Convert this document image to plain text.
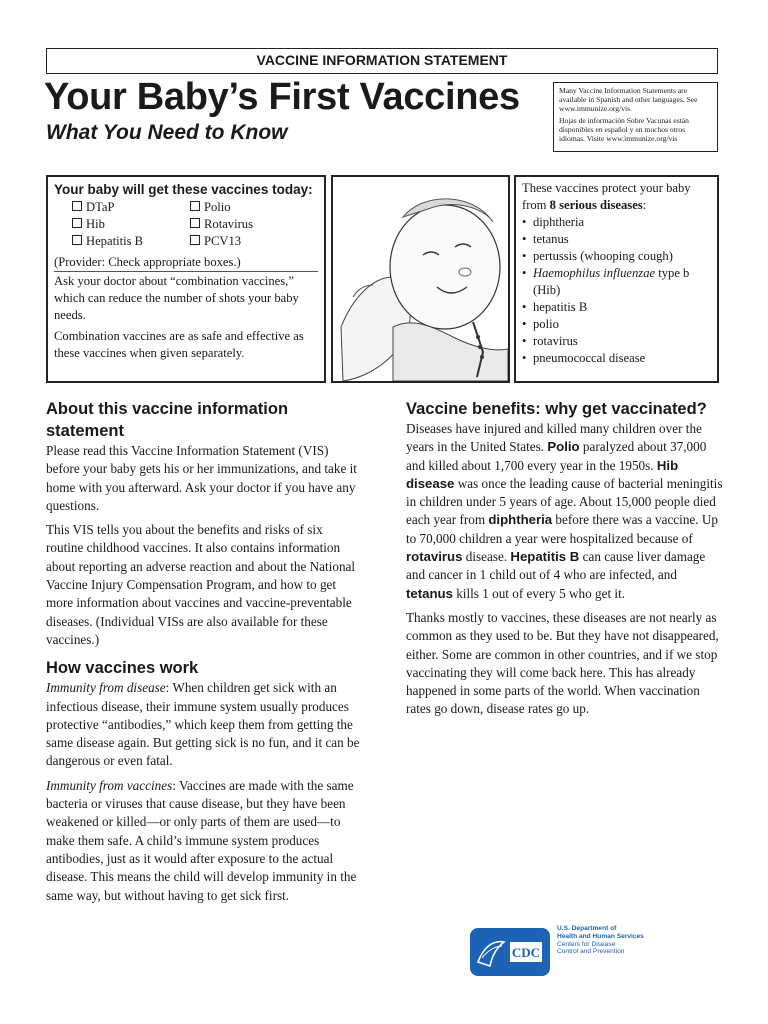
VACCINE INFORMATION STATEMENT
Your Baby’s First Vaccines
What You Need to Know

Many Vaccine Information Statements are available in Spanish and other languages. See www.immunize.org/vis

Hojas de información Sobre Vacunas están disponibles en español y en muchos otros idiomas. Visite www.immunize.org/vis

Your baby will get these vaccines today:
DTaP	Polio
Hib	Rotavirus
Hepatitis B	PCV13

(Provider: Check appropriate boxes.)

Ask your doctor about “combination vaccines,” which can reduce the number of shots your baby needs.

Combination vaccines are as safe and effective as these vaccines when given separately.

These vaccines protect your baby from 8 serious diseases:
• diphtheria
• tetanus
• pertussis (whooping cough)
• Haemophilus influenzae type b (Hib)
• hepatitis B
• polio
• rotavirus
• pneumococcal disease
About this vaccine information statement

Please read this Vaccine Information Statement (VIS) before your baby gets his or her immunizations, and take it home with you afterward. Ask your doctor if you have any questions.

This VIS tells you about the benefits and risks of six routine childhood vaccines. It also contains information about reporting an adverse reaction and about the National Vaccine Injury Compensation Program, and how to get more information about vaccines and vaccine-preventable diseases. (Individual VISs are also available for these vaccines.)

How vaccines work

Immunity from disease: When children get sick with an infectious disease, their immune system usually produces protective “antibodies,” which keep them from getting the same disease again. But getting sick is no fun, and it can be dangerous or even fatal.

Immunity from vaccines: Vaccines are made with the same bacteria or viruses that cause disease, but they have been weakened or killed—or only parts of them are used—to make them safe. A child’s immune system produces antibodies, just as it would after exposure to the actual disease. This means the child will develop immunity in the same way, but without having to get sick first.

Vaccine benefits: why get vaccinated?

Diseases have injured and killed many children over the years in the United States. Polio paralyzed about 37,000 and killed about 1,700 every year in the 1950s. Hib disease was once the leading cause of bacterial meningitis in children under 5 years of age. About 15,000 people died each year from diphtheria before there was a vaccine. Up to 70,000 children a year were hospitalized because of rotavirus disease. Hepatitis B can cause liver damage and cancer in 1 child out of 4 who are infected, and tetanus kills 1 out of every 5 who get it.

Thanks mostly to vaccines, these diseases are not nearly as common as they used to be. But they have not disappeared, either. Some are common in other countries, and if we stop vaccinating they will come back here. This has already happened in some parts of the world. When vaccination rates go down, disease rates go up.

CDC
U.S. Department of
Health and Human Services
Centers for Disease
Control and Prevention
